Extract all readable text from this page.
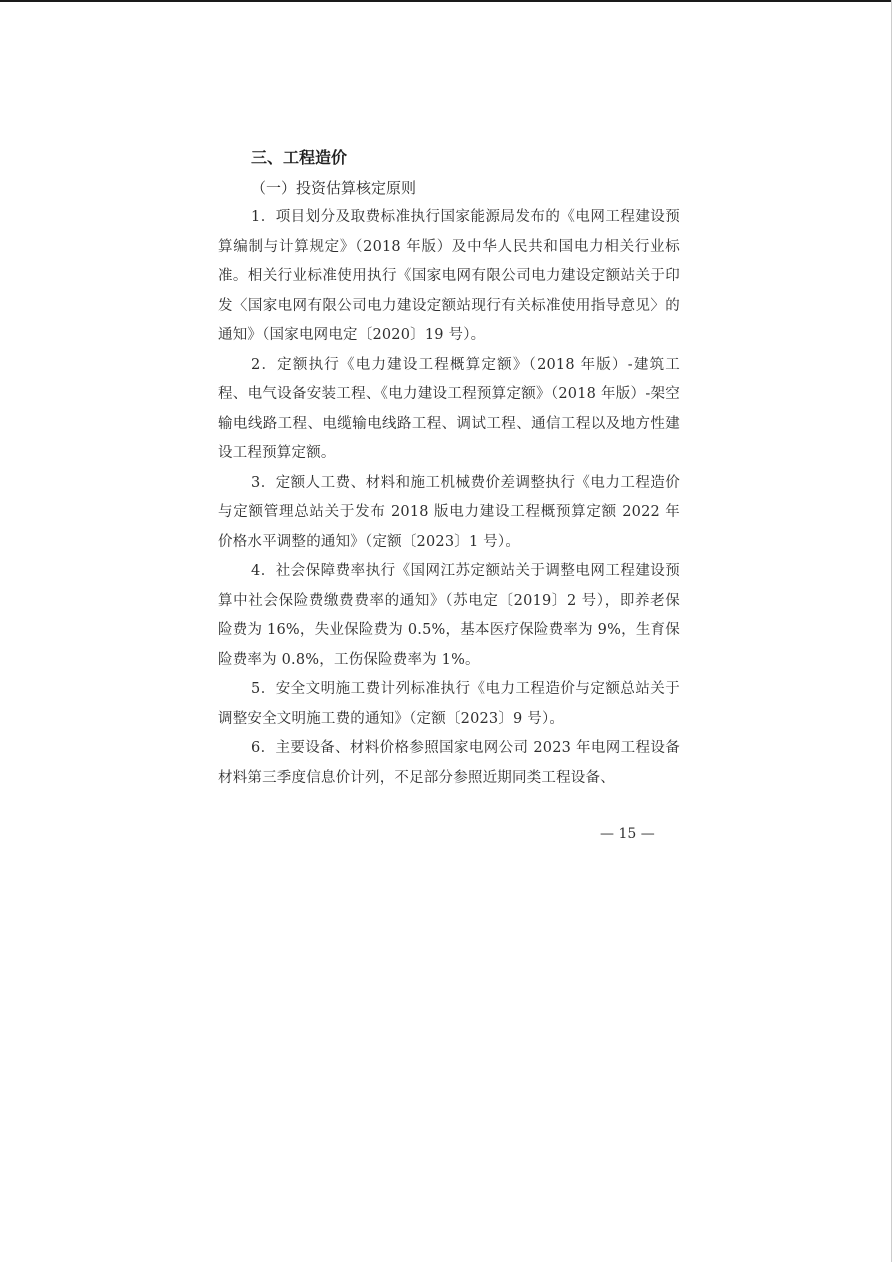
三、工程造价

（一）投资估算核定原则

1．项目划分及取费标准执行国家能源局发布的《电网工程建设预算编制与计算规定》（2018 年版）及中华人民共和国电力相关行业标准。相关行业标准使用执行《国家电网有限公司电力建设定额站关于印发〈国家电网有限公司电力建设定额站现行有关标准使用指导意见〉的通知》（国家电网电定〔2020〕19 号）。

2．定额执行《电力建设工程概算定额》（2018 年版）-建筑工程、电气设备安装工程、《电力建设工程预算定额》（2018 年版）-架空输电线路工程、电缆输电线路工程、调试工程、通信工程以及地方性建设工程预算定额。

3．定额人工费、材料和施工机械费价差调整执行《电力工程造价与定额管理总站关于发布 2018 版电力建设工程概预算定额 2022 年价格水平调整的通知》（定额〔2023〕1 号）。

4．社会保障费率执行《国网江苏定额站关于调整电网工程建设预算中社会保险费缴费费率的通知》（苏电定〔2019〕2 号），即养老保险费为 16%，失业保险费为 0.5%，基本医疗保险费率为 9%，生育保险费率为 0.8%，工伤保险费率为 1%。

5．安全文明施工费计列标准执行《电力工程造价与定额总站关于调整安全文明施工费的通知》（定额〔2023〕9 号）。

6．主要设备、材料价格参照国家电网公司 2023 年电网工程设备材料第三季度信息价计列，不足部分参照近期同类工程设备、

— 15 —
